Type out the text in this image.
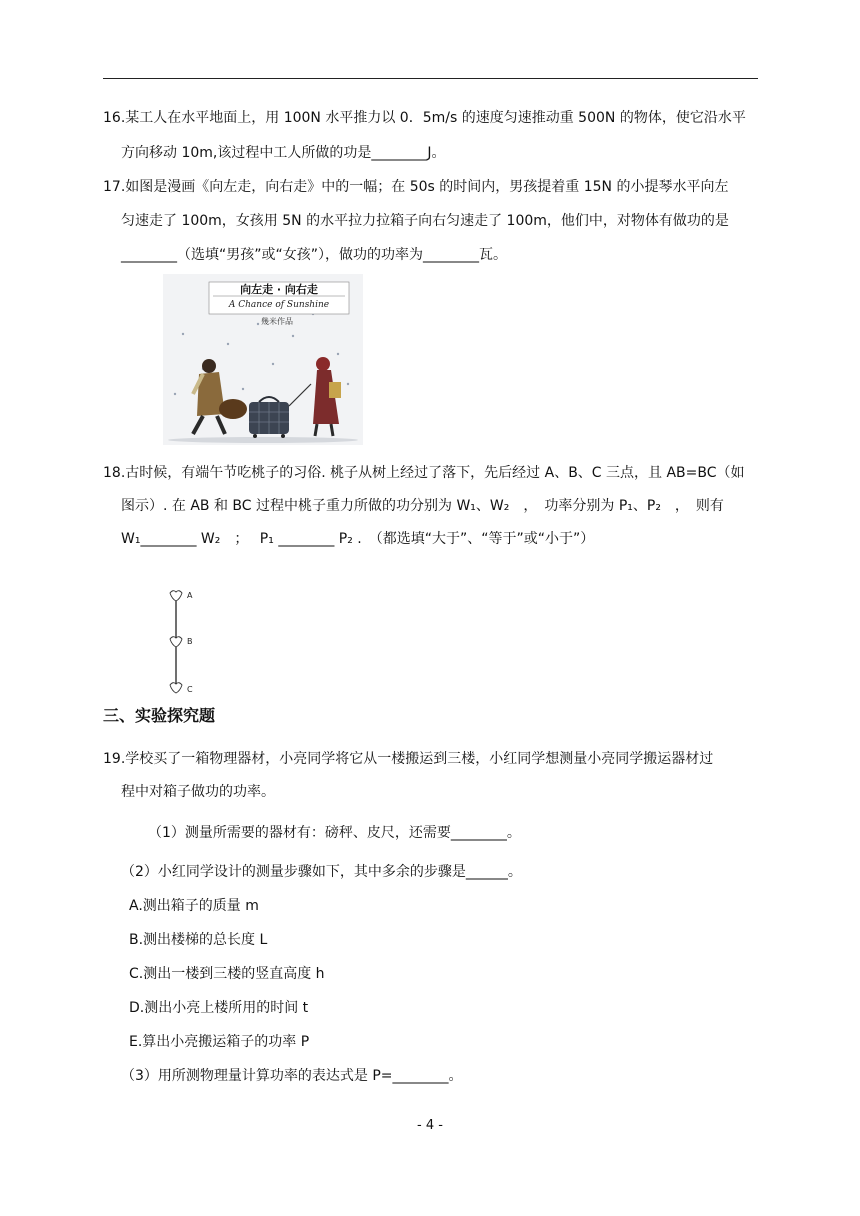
16.某工人在水平地面上，用 100N 水平推力以 0．5m/s 的速度匀速推动重 500N 的物体，使它沿水平
方向移动 10m,该过程中工人所做的功是________J。
17.如图是漫画《向左走，向右走》中的一幅；在 50s 的时间内，男孩提着重 15N 的小提琴水平向左
匀速走了 100m，女孩用 5N 的水平拉力拉箱子向右匀速走了 100m，他们中，对物体有做功的是
________（选填“男孩”或“女孩”），做功的功率为________瓦。
向左走 · 向右走
A Chance of Sunshine
幾米作品
18.古时候，有端午节吃桃子的习俗. 桃子从树上经过了落下，先后经过 A、B、C 三点，且 AB=BC（如
图示）. 在 AB 和 BC 过程中桃子重力所做的功分别为 W₁、W₂　，　功率分别为 P₁、P₂　，　则有
W₁________ W₂　；　 P₁ ________ P₂ .　（都选填“大于”、“等于”或“小于”）
A
B
C
三、实验探究题
19.学校买了一箱物理器材，小亮同学将它从一楼搬运到三楼，小红同学想测量小亮同学搬运器材过
程中对箱子做功的功率。
（1）测量所需要的器材有：磅秤、皮尺，还需要________。
（2）小红同学设计的测量步骤如下，其中多余的步骤是______。
A.测出箱子的质量 m
B.测出楼梯的总长度 L
C.测出一楼到三楼的竖直高度 h
D.测出小亮上楼所用的时间 t
E.算出小亮搬运箱子的功率 P
（3）用所测物理量计算功率的表达式是 P=________。
- 4 -
